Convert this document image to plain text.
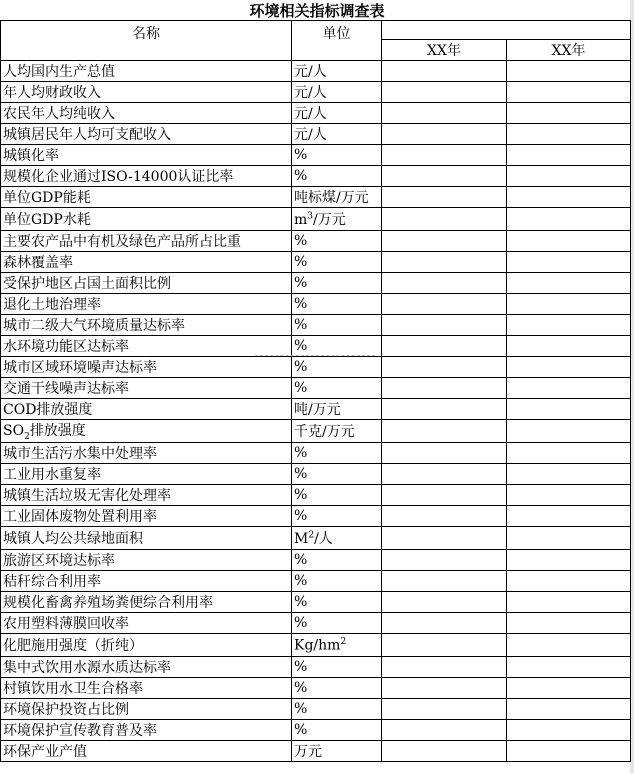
环境相关指标调查表
名称	单位		
		XX年	XX年
人均国内生产总值	元/人		
年人均财政收入	元/人		
农民年人均纯收入	元/人		
城镇居民年人均可支配收入	元/人		
城镇化率	%		
规模化企业通过ISO-14000认证比率	%		
单位GDP能耗	吨标煤/万元		
单位GDP水耗	$m^3/$万元		
主要农产品中有机及绿色产品所占比重	%		
森林覆盖率	%		
受保护地区占国土面积比例	%		
退化土地治理率	%		
城市二级大气环境质量达标率	%		
水环境功能区达标率	%		
城市区域环境噪声达标率	%		
交通干线噪声达标率	%		
COD排放强度	吨/万元		
$SO_2$排放强度	千克/万元		
城市生活污水集中处理率	%		
工业用水重复率	%		
城镇生活垃圾无害化处理率	%		
工业固体废物处置利用率	%		
城镇人均公共绿地面积	$M^2/$人		
旅游区环境达标率	%		
秸秆综合利用率	%		
规模化畜禽养殖场粪便综合利用率	%		
农用塑料薄膜回收率	%		
化肥施用强度（折纯）	$Kg/hm^2$		
集中式饮用水源水质达标率	%		
村镇饮用水卫生合格率	%		
环境保护投资占比例	%		
环境保护宣传教育普及率	%		
环保产业产值	万元		
